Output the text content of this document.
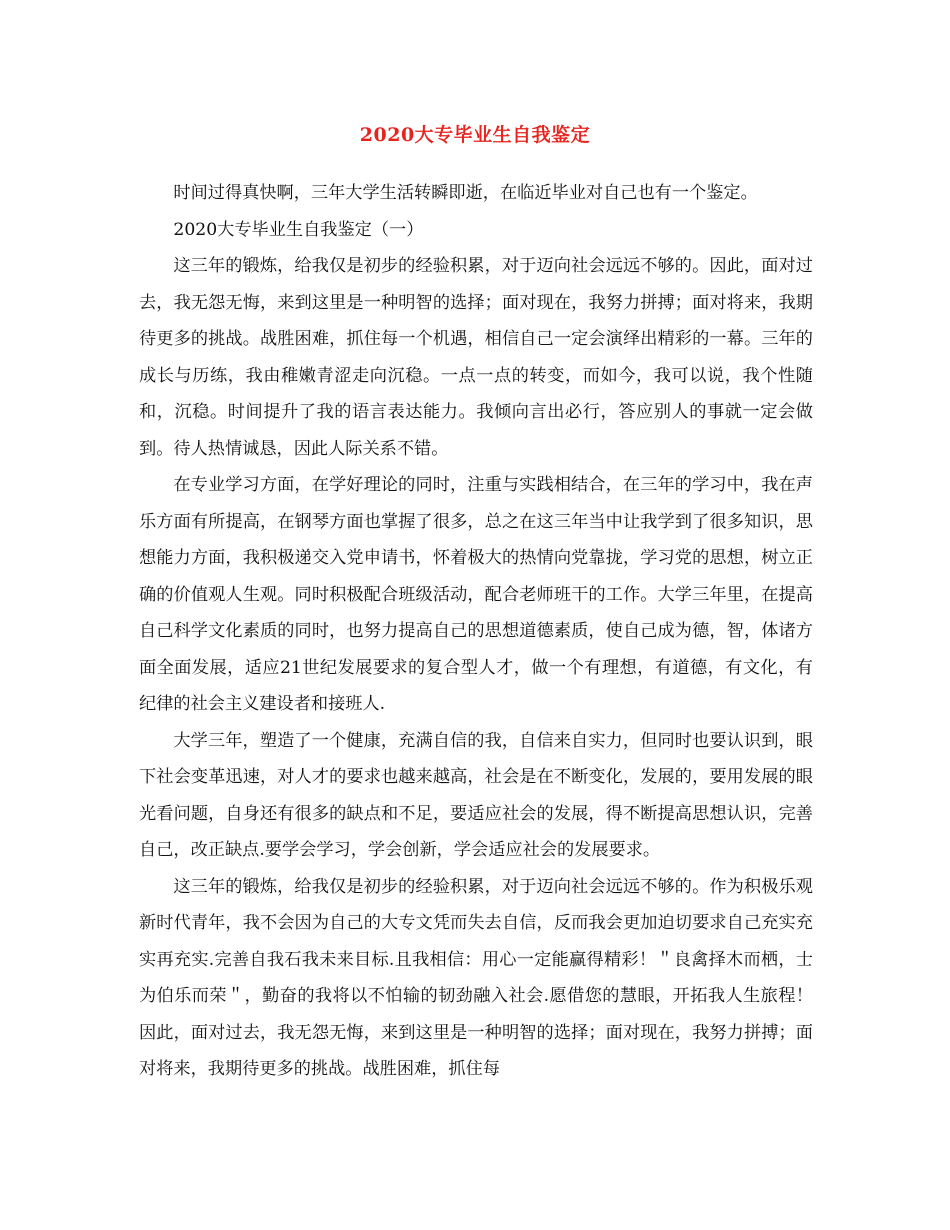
2020大专毕业生自我鉴定

时间过得真快啊，三年大学生活转瞬即逝，在临近毕业对自己也有一个鉴定。

2020大专毕业生自我鉴定（一）

这三年的锻炼，给我仅是初步的经验积累，对于迈向社会远远不够的。因此，面对过去，我无怨无悔，来到这里是一种明智的选择；面对现在，我努力拼搏；面对将来，我期待更多的挑战。战胜困难，抓住每一个机遇，相信自己一定会演绎出精彩的一幕。三年的成长与历练，我由稚嫩青涩走向沉稳。一点一点的转变，而如今，我可以说，我个性随和，沉稳。时间提升了我的语言表达能力。我倾向言出必行，答应别人的事就一定会做到。待人热情诚恳，因此人际关系不错。

在专业学习方面，在学好理论的同时，注重与实践相结合，在三年的学习中，我在声乐方面有所提高，在钢琴方面也掌握了很多，总之在这三年当中让我学到了很多知识，思想能力方面，我积极递交入党申请书，怀着极大的热情向党靠拢，学习党的思想，树立正确的价值观人生观。同时积极配合班级活动，配合老师班干的工作。大学三年里，在提高自己科学文化素质的同时，也努力提高自己的思想道德素质，使自己成为德，智，体诸方面全面发展，适应21世纪发展要求的复合型人才，做一个有理想，有道德，有文化，有纪律的社会主义建设者和接班人.

大学三年，塑造了一个健康，充满自信的我，自信来自实力，但同时也要认识到，眼下社会变革迅速，对人才的要求也越来越高，社会是在不断变化，发展的，要用发展的眼光看问题，自身还有很多的缺点和不足，要适应社会的发展，得不断提高思想认识，完善自己，改正缺点.要学会学习，学会创新，学会适应社会的发展要求。

这三年的锻炼，给我仅是初步的经验积累，对于迈向社会远远不够的。作为积极乐观新时代青年，我不会因为自己的大专文凭而失去自信，反而我会更加迫切要求自己充实充实再充实.完善自我石我未来目标.且我相信：用心一定能赢得精彩！＂良禽择木而栖，士为伯乐而荣＂，勤奋的我将以不怕输的韧劲融入社会.愿借您的慧眼，开拓我人生旅程！因此，面对过去，我无怨无悔，来到这里是一种明智的选择；面对现在，我努力拼搏；面对将来，我期待更多的挑战。战胜困难，抓住每
